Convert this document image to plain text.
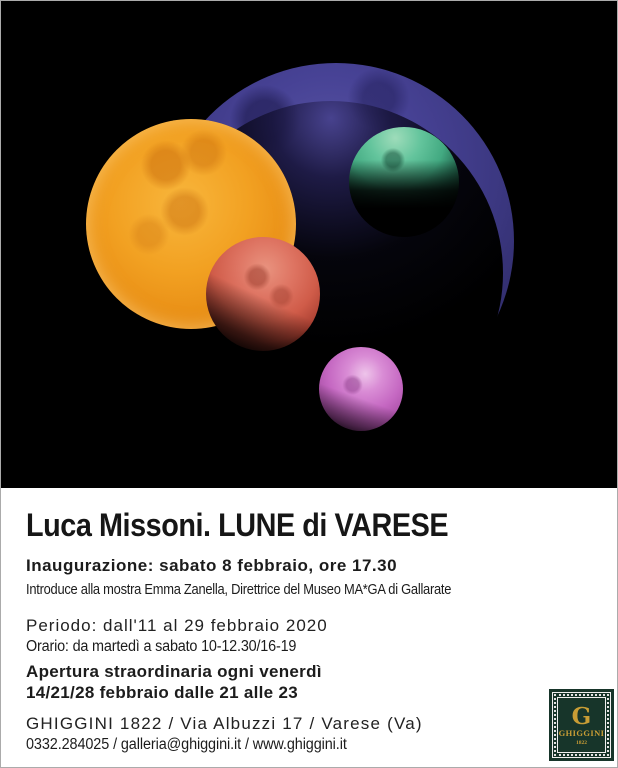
Luca Missoni. LUNE di VARESE
Inaugurazione: sabato 8 febbraio, ore 17.30
Introduce alla mostra Emma Zanella, Direttrice del Museo MA*GA di Gallarate
Periodo: dall'11 al 29 febbraio 2020
Orario: da martedì a sabato 10-12.30/16-19
Apertura straordinaria ogni venerdì
14/21/28 febbraio dalle 21 alle 23
GHIGGINI 1822 / Via Albuzzi 17 / Varese (Va)
0332.284025 / galleria@ghiggini.it / www.ghiggini.it
G
GHIGGINI
1822
